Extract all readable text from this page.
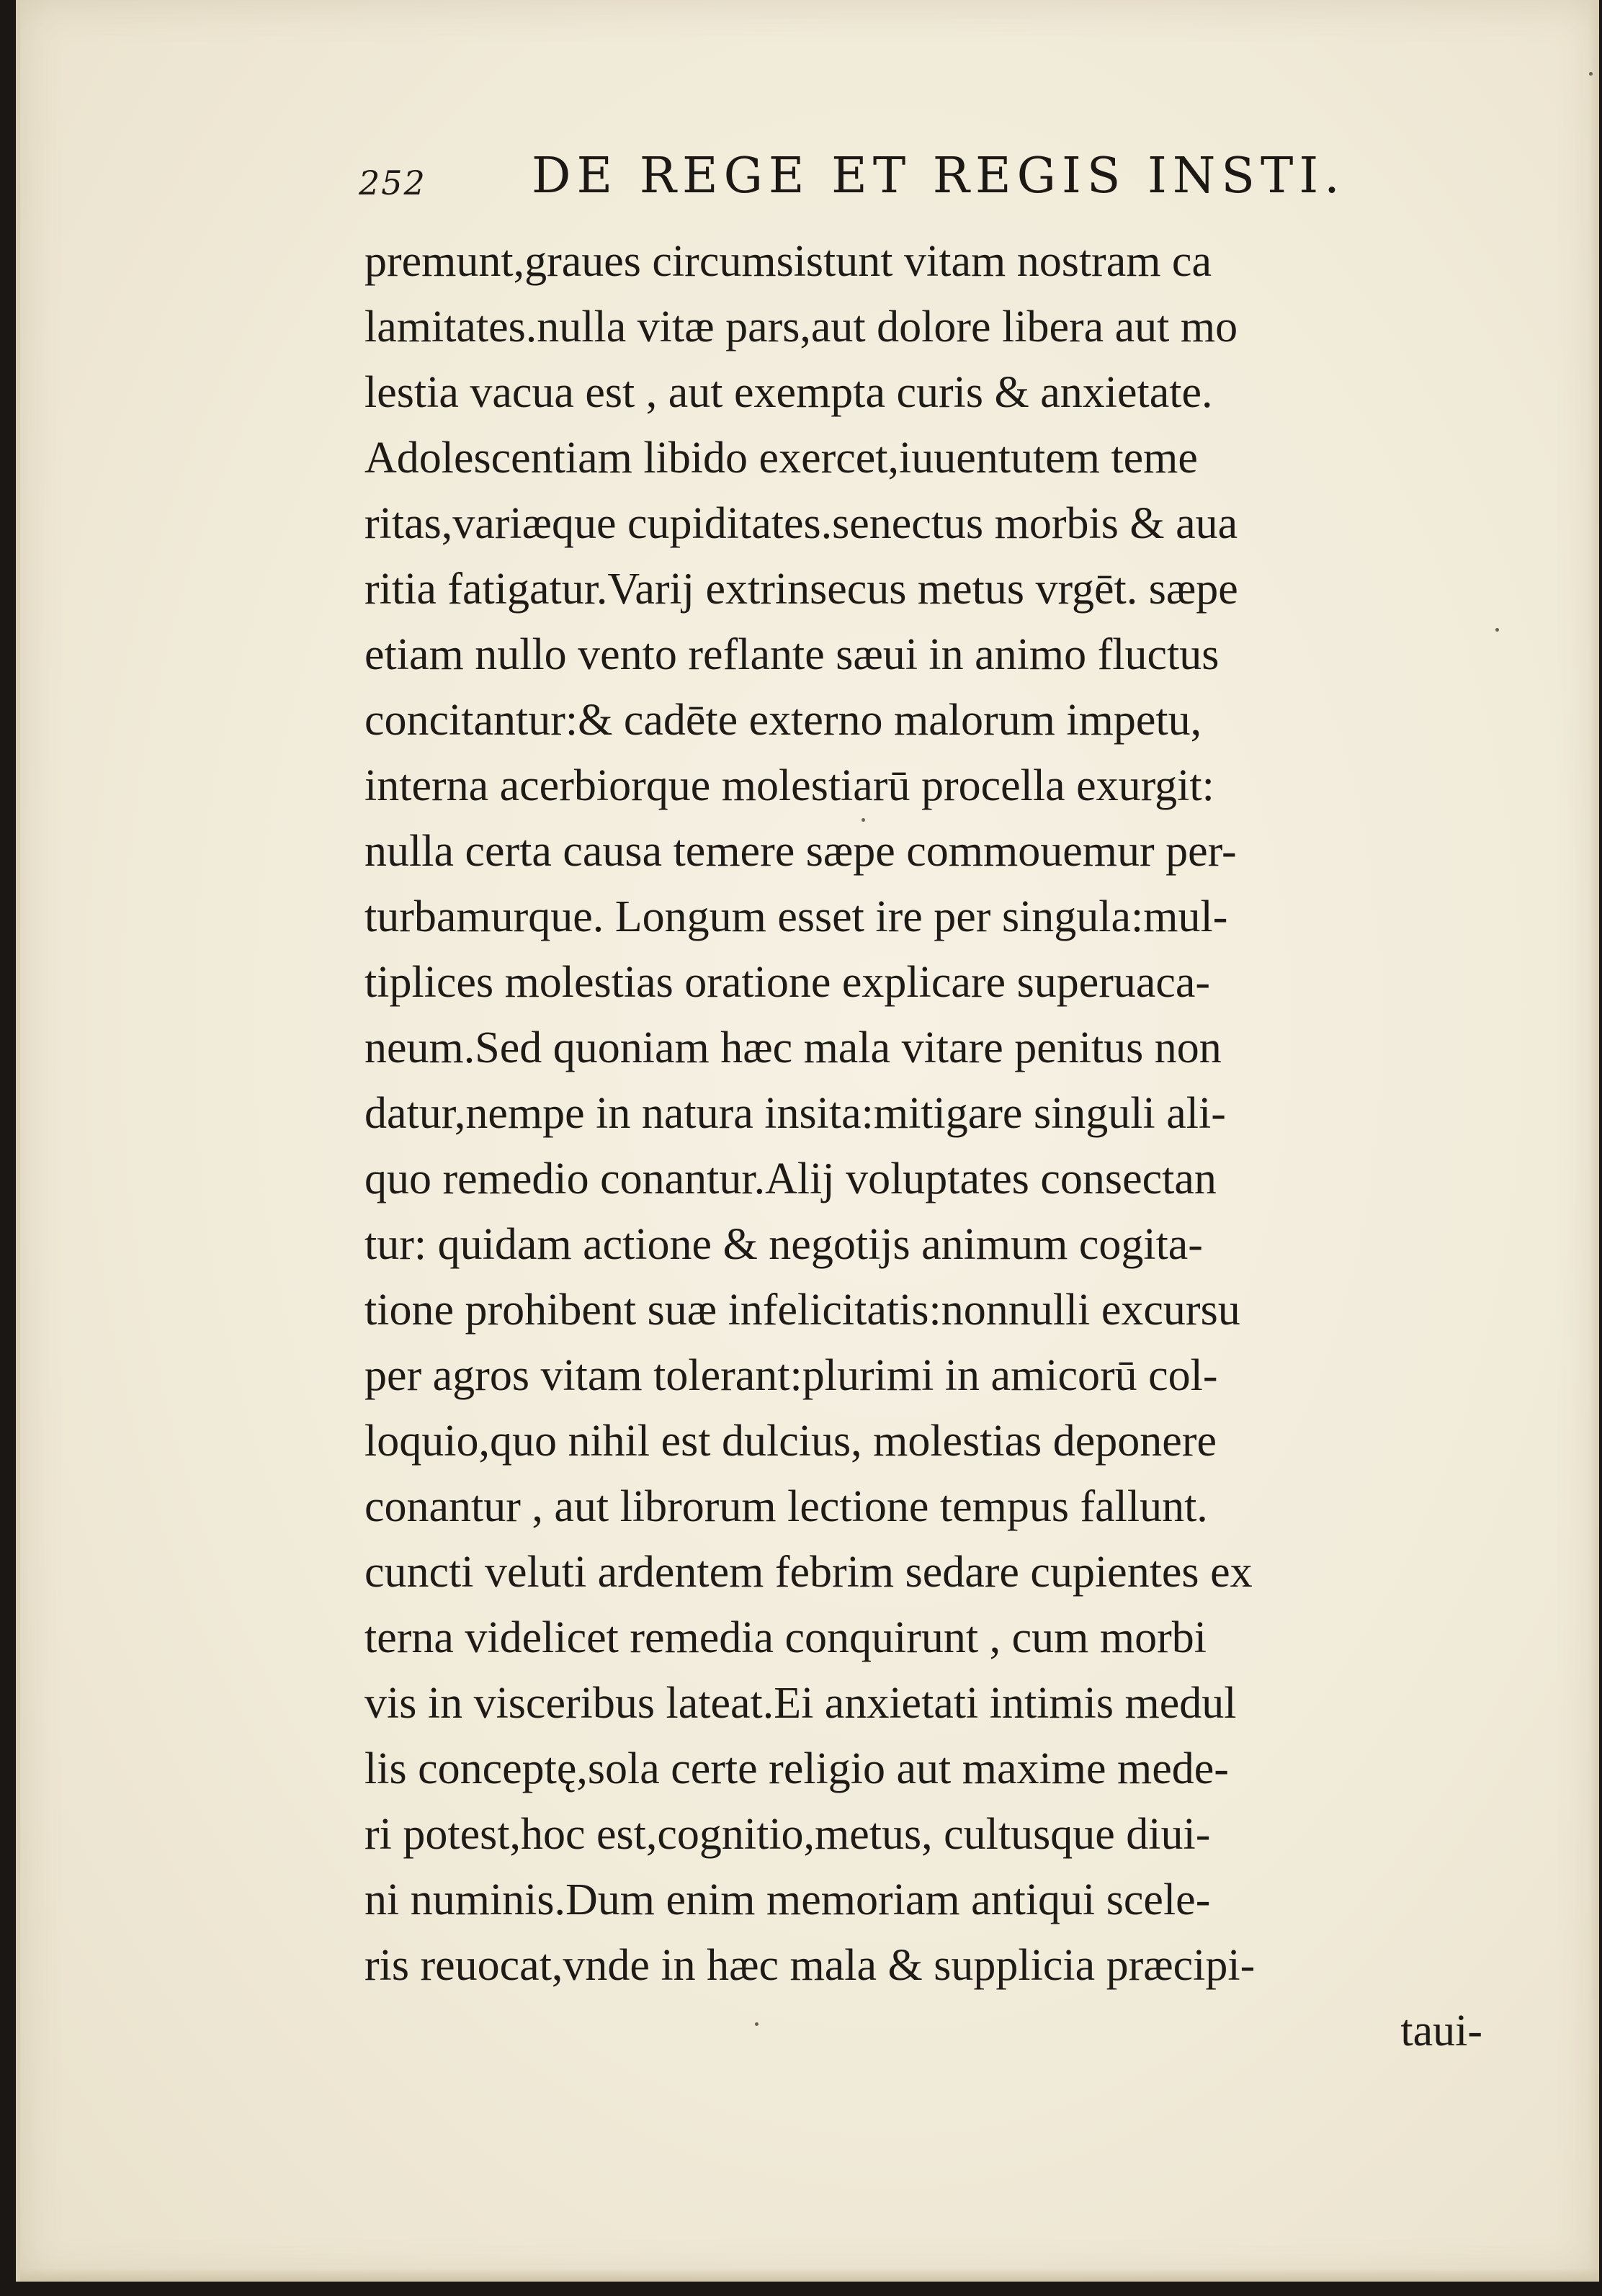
252 DE REGE ET REGIS INSTI.
premunt,graues circumsistunt vitam nostram ca
lamitates.nulla vitæ pars,aut dolore libera aut mo
lestia vacua est , aut exempta curis & anxietate.
Adolescentiam libido exercet,iuuentutem teme
ritas,variæque cupiditates.senectus morbis & aua
ritia fatigatur.Varij extrinsecus metus vrgēt. sæpe
etiam nullo vento reflante sæui in animo fluctus
concitantur:& cadēte externo malorum impetu,
interna acerbiorque molestiarū procella exurgit:
nulla certa causa temere sæpe commouemur per-
turbamurque. Longum esset ire per singula:mul-
tiplices molestias oratione explicare superuaca-
neum.Sed quoniam hæc mala vitare penitus non
datur,nempe in natura insita:mitigare singuli ali-
quo remedio conantur.Alij voluptates consectan
tur: quidam actione & negotijs animum cogita-
tione prohibent suæ infelicitatis:nonnulli excursu
per agros vitam tolerant:plurimi in amicorū col-
loquio,quo nihil est dulcius, molestias deponere
conantur , aut librorum lectione tempus fallunt.
cuncti veluti ardentem febrim sedare cupientes ex
terna videlicet remedia conquirunt , cum morbi
vis in visceribus lateat.Ei anxietati intimis medul
lis conceptę,sola certe religio aut maxime mede-
ri potest,hoc est,cognitio,metus, cultusque diui-
ni numinis.Dum enim memoriam antiqui scele-
ris reuocat,vnde in hæc mala & supplicia præcipi-
taui-
